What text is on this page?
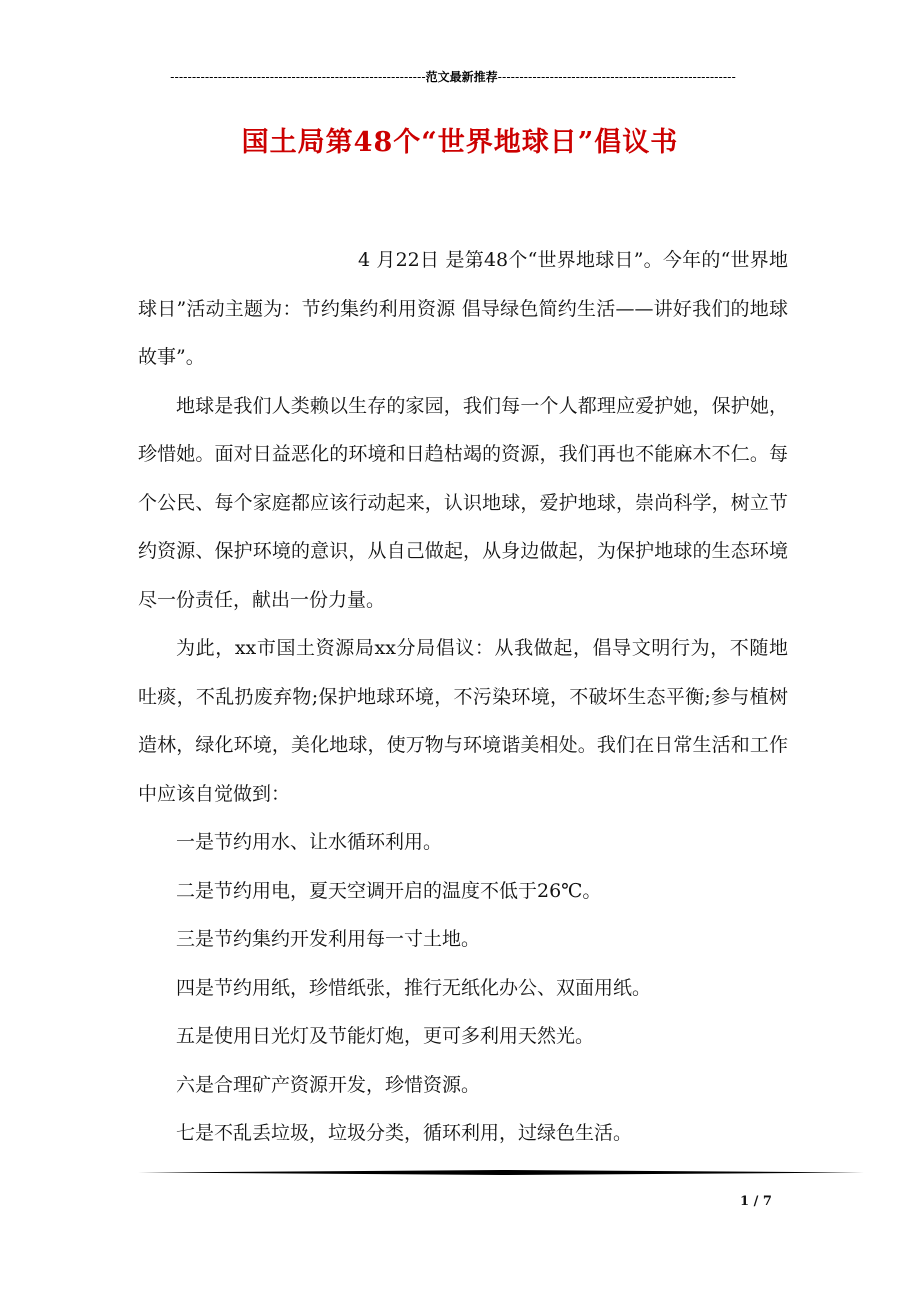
-----------------------------------------------------------范文最新推荐-------------------------------------------------------
国土局第48个“世界地球日”倡议书

4 月22日 是第48个“世界地球日”。今年的“世界地球日”活动主题为：节约集约利用资源 倡导绿色简约生活——讲好我们的地球故事”。

地球是我们人类赖以生存的家园，我们每一个人都理应爱护她，保护她，珍惜她。面对日益恶化的环境和日趋枯竭的资源，我们再也不能麻木不仁。每个公民、每个家庭都应该行动起来，认识地球，爱护地球，崇尚科学，树立节约资源、保护环境的意识，从自己做起，从身边做起，为保护地球的生态环境尽一份责任，献出一份力量。

为此，xx市国土资源局xx分局倡议：从我做起，倡导文明行为，不随地吐痰，不乱扔废弃物;保护地球环境，不污染环境，不破坏生态平衡;参与植树造林，绿化环境，美化地球，使万物与环境谐美相处。我们在日常生活和工作中应该自觉做到：

一是节约用水、让水循环利用。

二是节约用电，夏天空调开启的温度不低于26℃。

三是节约集约开发利用每一寸土地。

四是节约用纸，珍惜纸张，推行无纸化办公、双面用纸。

五是使用日光灯及节能灯炮，更可多利用天然光。

六是合理矿产资源开发，珍惜资源。

七是不乱丢垃圾，垃圾分类，循环利用，过绿色生活。

1 / 7
